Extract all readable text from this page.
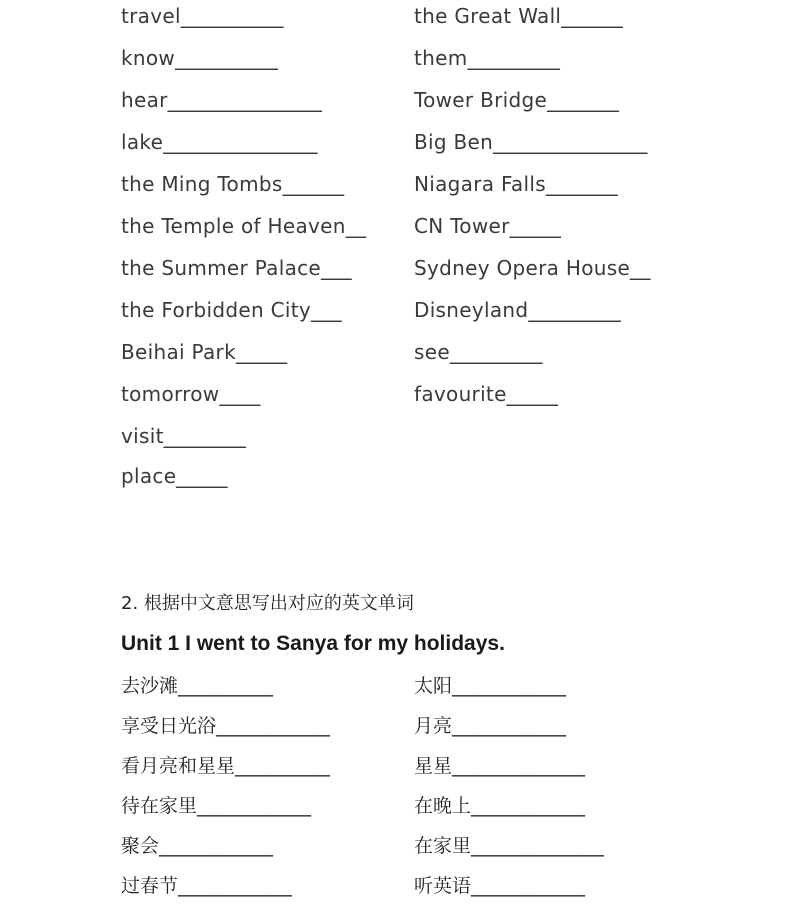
travel__________
know__________
hear_______________
lake_______________
the Ming Tombs______
the Temple of Heaven__
the Summer Palace___
the Forbidden City___
Beihai Park_____
tomorrow____
visit________
place_____
the Great Wall______
them_________
Tower Bridge_______
Big Ben_______________
Niagara Falls_______
CN Tower_____
Sydney Opera House__
Disneyland_________
see_________
favourite_____
2. 根据中文意思写出对应的英文单词
Unit 1 I went to Sanya for my holidays.
去沙滩__________
享受日光浴____________
看月亮和星星__________
待在家里____________
聚会____________
过春节____________
太阳____________
月亮____________
星星______________
在晚上____________
在家里______________
听英语____________
